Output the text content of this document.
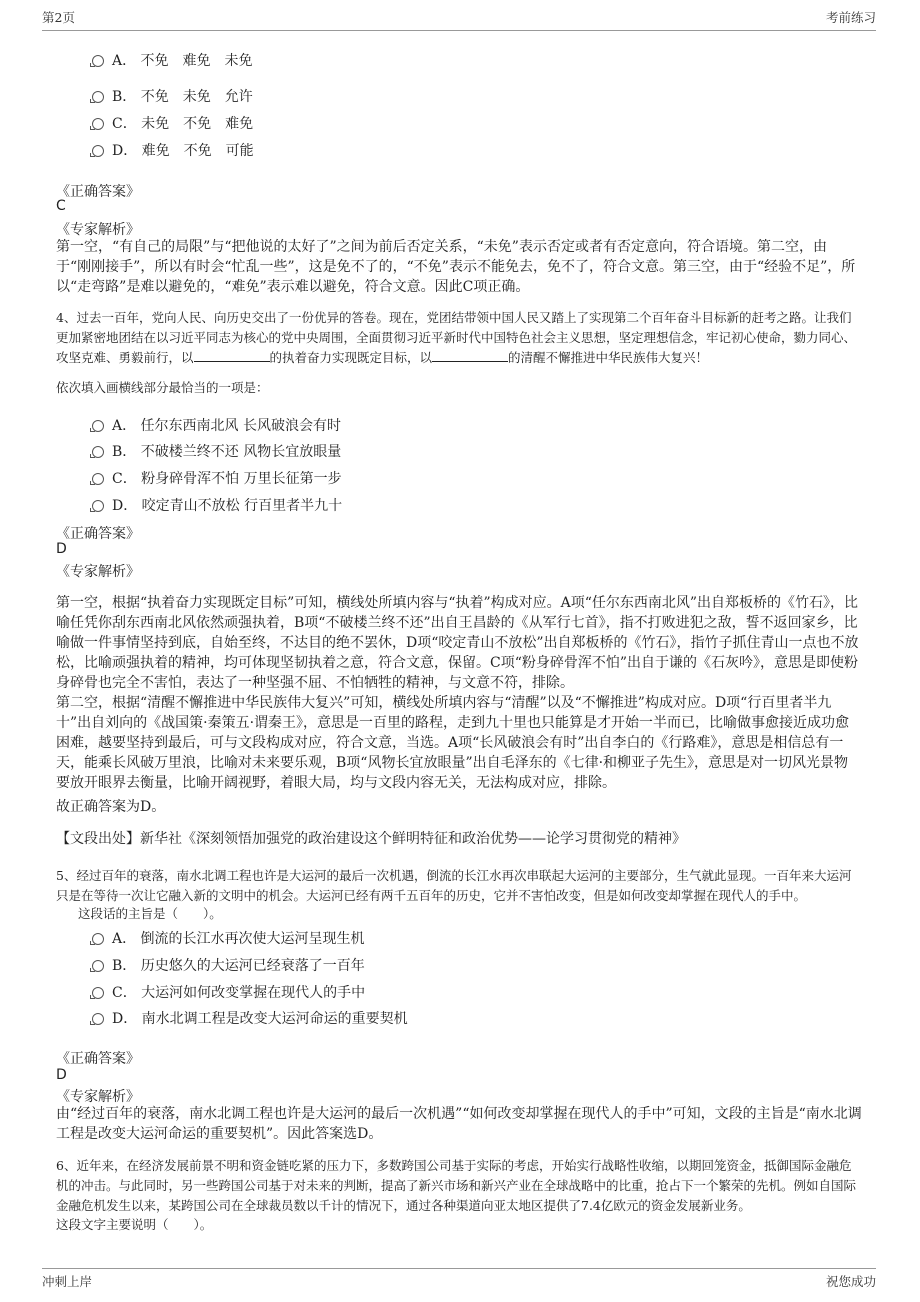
第2页	考前练习
A． 不免　难免　未免
B． 不免　未免　允许
C． 未免　不免　难免
D． 难免　不免　可能
《正确答案》
C
《专家解析》
第一空，“有自己的局限”与“把他说的太好了”之间为前后否定关系，“未免”表示否定或者有否定意向，符合语境。第二空，由于“刚刚接手”，所以有时会“忙乱一些”，这是免不了的，“不免”表示不能免去，免不了，符合文意。第三空，由于“经验不足”，所以“走弯路”是难以避免的，“难免”表示难以避免，符合文意。因此C项正确。
4、过去一百年，党向人民、向历史交出了一份优异的答卷。现在，党团结带领中国人民又踏上了实现第二个百年奋斗目标新的赶考之路。让我们更加紧密地团结在以习近平同志为核心的党中央周围，全面贯彻习近平新时代中国特色社会主义思想，坚定理想信念，牢记初心使命，勠力同心、攻坚克难、勇毅前行，以	的执着奋力实现既定目标，以	的清醒不懈推进中华民族伟大复兴！
依次填入画横线部分最恰当的一项是：
A． 任尔东西南北风 长风破浪会有时
B． 不破楼兰终不还 风物长宜放眼量
C． 粉身碎骨浑不怕 万里长征第一步
D． 咬定青山不放松 行百里者半九十
《正确答案》
D
《专家解析》
第一空，根据“执着奋力实现既定目标”可知，横线处所填内容与“执着”构成对应。A项“任尔东西南北风”出自郑板桥的《竹石》，比喻任凭你刮东西南北风依然顽强执着，B项“不破楼兰终不还”出自王昌龄的《从军行七首》，指不打败进犯之敌，誓不返回家乡，比喻做一件事情坚持到底，自始至终，不达目的绝不罢休，D项“咬定青山不放松”出自郑板桥的《竹石》，指竹子抓住青山一点也不放松，比喻顽强执着的精神，均可体现坚韧执着之意，符合文意，保留。C项“粉身碎骨浑不怕”出自于谦的《石灰吟》，意思是即使粉身碎骨也完全不害怕，表达了一种坚强不屈、不怕牺牲的精神，与文意不符，排除。
第二空，根据“清醒不懈推进中华民族伟大复兴”可知，横线处所填内容与“清醒”以及“不懈推进”构成对应。D项“行百里者半九十”出自刘向的《战国策·秦策五·谓秦王》，意思是一百里的路程，走到九十里也只能算是才开始一半而已，比喻做事愈接近成功愈困难，越要坚持到最后，可与文段构成对应，符合文意，当选。A项“长风破浪会有时”出自李白的《行路难》，意思是相信总有一天，能乘长风破万里浪，比喻对未来要乐观，B项“风物长宜放眼量”出自毛泽东的《七律·和柳亚子先生》，意思是对一切风光景物要放开眼界去衡量，比喻开阔视野，着眼大局，均与文段内容无关，无法构成对应，排除。
故正确答案为D。
【文段出处】新华社《深刻领悟加强党的政治建设这个鲜明特征和政治优势——论学习贯彻党的精神》
5、经过百年的衰落，南水北调工程也许是大运河的最后一次机遇，倒流的长江水再次串联起大运河的主要部分，生气就此显现。一百年来大运河只是在等待一次让它融入新的文明中的机会。大运河已经有两千五百年的历史，它并不害怕改变，但是如何改变却掌握在现代人的手中。
这段话的主旨是（　　）。
A． 倒流的长江水再次使大运河呈现生机
B． 历史悠久的大运河已经衰落了一百年
C． 大运河如何改变掌握在现代人的手中
D． 南水北调工程是改变大运河命运的重要契机
《正确答案》
D
《专家解析》
由“经过百年的衰落，南水北调工程也许是大运河的最后一次机遇”“如何改变却掌握在现代人的手中”可知，文段的主旨是“南水北调工程是改变大运河命运的重要契机”。因此答案选D。
6、近年来，在经济发展前景不明和资金链吃紧的压力下，多数跨国公司基于实际的考虑，开始实行战略性收缩，以期回笼资金，抵御国际金融危机的冲击。与此同时，另一些跨国公司基于对未来的判断，提高了新兴市场和新兴产业在全球战略中的比重，抢占下一个繁荣的先机。例如自国际金融危机发生以来，某跨国公司在全球裁员数以千计的情况下，通过各种渠道向亚太地区提供了7.4亿欧元的资金发展新业务。
这段文字主要说明（　　）。
冲刺上岸	祝您成功
